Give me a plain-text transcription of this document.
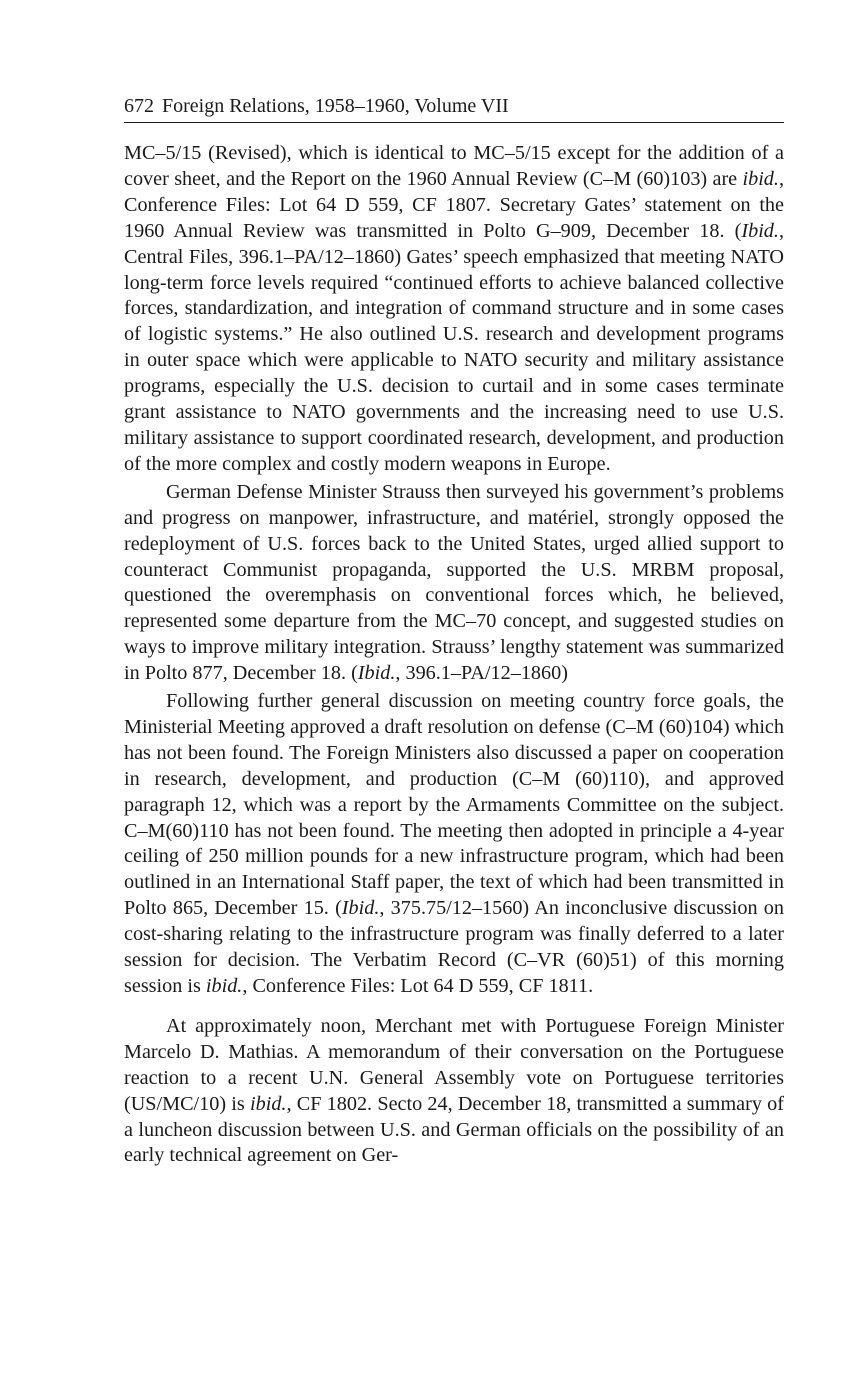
672 Foreign Relations, 1958–1960, Volume VII

MC–5/15 (Revised), which is identical to MC–5/15 except for the addition of a cover sheet, and the Report on the 1960 Annual Review (C–M (60)103) are ibid., Conference Files: Lot 64 D 559, CF 1807. Secretary Gates’ statement on the 1960 Annual Review was transmitted in Polto G–909, December 18. (Ibid., Central Files, 396.1–PA/12–1860) Gates’ speech emphasized that meeting NATO long-term force levels required “continued efforts to achieve balanced collective forces, standardization, and integration of command structure and in some cases of logistic systems.” He also outlined U.S. research and development programs in outer space which were applicable to NATO security and military assistance programs, especially the U.S. decision to curtail and in some cases terminate grant assistance to NATO governments and the increasing need to use U.S. military assistance to support coordinated research, development, and production of the more complex and costly modern weapons in Europe.

German Defense Minister Strauss then surveyed his government’s problems and progress on manpower, infrastructure, and matériel, strongly opposed the redeployment of U.S. forces back to the United States, urged allied support to counteract Communist propaganda, supported the U.S. MRBM proposal, questioned the overemphasis on conventional forces which, he believed, represented some departure from the MC–70 concept, and suggested studies on ways to improve military integration. Strauss’ lengthy statement was summarized in Polto 877, December 18. (Ibid., 396.1–PA/12–1860)

Following further general discussion on meeting country force goals, the Ministerial Meeting approved a draft resolution on defense (C–M (60)104) which has not been found. The Foreign Ministers also discussed a paper on cooperation in research, development, and production (C–M (60)110), and approved paragraph 12, which was a report by the Armaments Committee on the subject. C–M(60)110 has not been found. The meeting then adopted in principle a 4-year ceiling of 250 million pounds for a new infrastructure program, which had been outlined in an International Staff paper, the text of which had been transmitted in Polto 865, December 15. (Ibid., 375.75/12–1560) An inconclusive discussion on cost-sharing relating to the infrastructure program was finally deferred to a later session for decision. The Verbatim Record (C–VR (60)51) of this morning session is ibid., Conference Files: Lot 64 D 559, CF 1811.

At approximately noon, Merchant met with Portuguese Foreign Minister Marcelo D. Mathias. A memorandum of their conversation on the Portuguese reaction to a recent U.N. General Assembly vote on Portuguese territories (US/MC/10) is ibid., CF 1802. Secto 24, December 18, transmitted a summary of a luncheon discussion between U.S. and German officials on the possibility of an early technical agreement on Ger-
